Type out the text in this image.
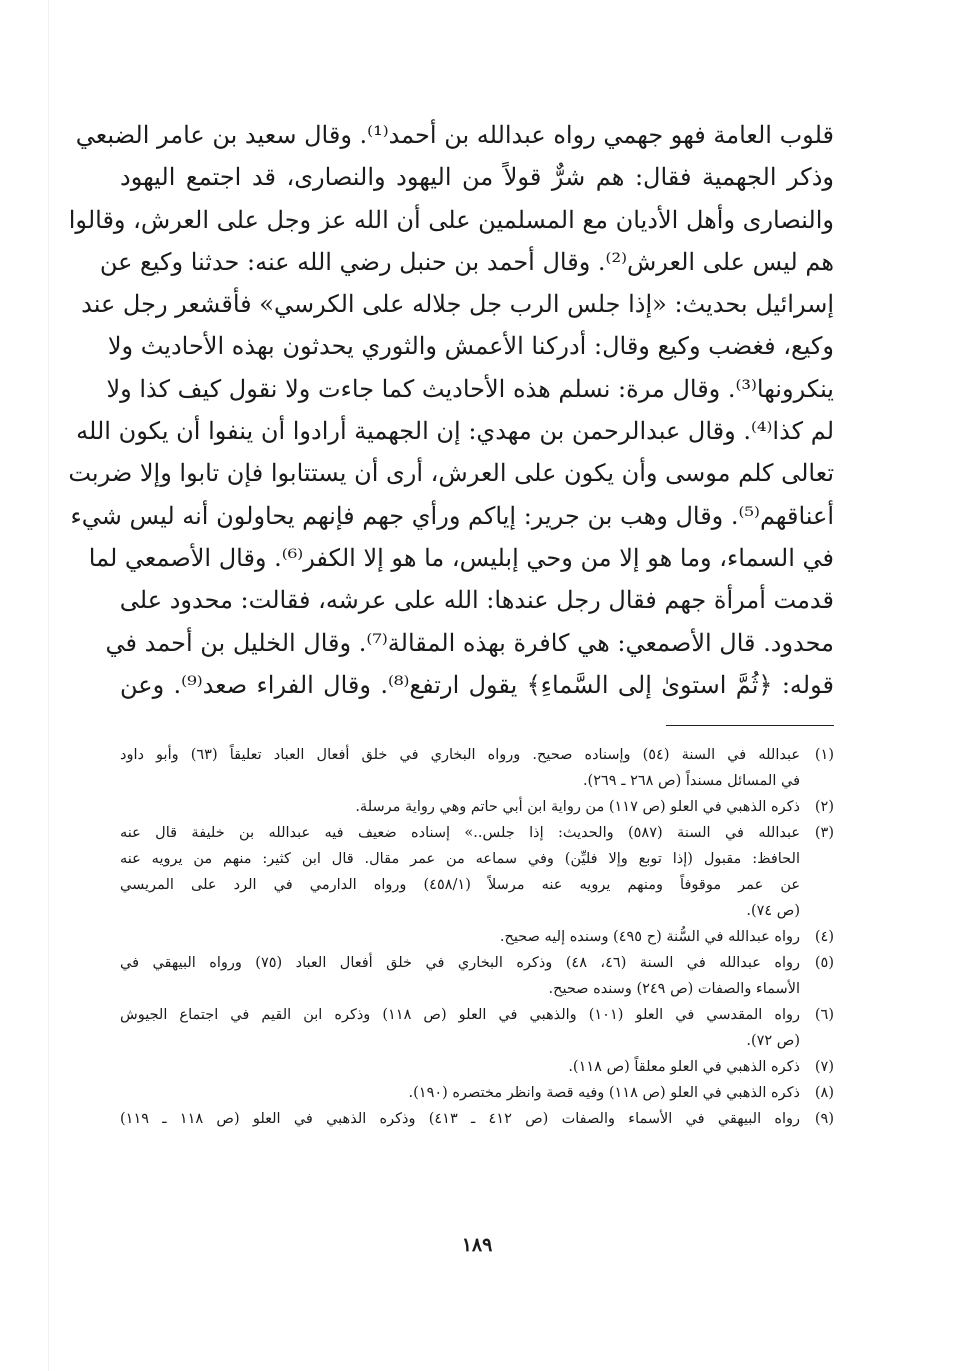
قلوب العامة فهو جهمي رواه عبدالله بن أحمد⁽¹⁾. وقال سعيد بن عامر الضبعي
وذكر الجهمية فقال: هم شرٌّ قولاً من اليهود والنصارى، قد اجتمع اليهود
والنصارى وأهل الأديان مع المسلمين على أن الله عز وجل على العرش، وقالوا
هم ليس على العرش⁽²⁾. وقال أحمد بن حنبل رضي الله عنه: حدثنا وكيع عن
إسرائيل بحديث: «إذا جلس الرب جل جلاله على الكرسي» فأقشعر رجل عند
وكيع، فغضب وكيع وقال: أدركنا الأعمش والثوري يحدثون بهذه الأحاديث ولا
ينكرونها⁽³⁾. وقال مرة: نسلم هذه الأحاديث كما جاءت ولا نقول كيف كذا ولا
لم كذا⁽⁴⁾. وقال عبدالرحمن بن مهدي: إن الجهمية أرادوا أن ينفوا أن يكون الله
تعالى كلم موسى وأن يكون على العرش، أرى أن يستتابوا فإن تابوا وإلا ضربت
أعناقهم⁽⁵⁾. وقال وهب بن جرير: إياكم ورأي جهم فإنهم يحاولون أنه ليس شيء
في السماء، وما هو إلا من وحي إبليس، ما هو إلا الكفر⁽⁶⁾. وقال الأصمعي لما
قدمت أمرأة جهم فقال رجل عندها: الله على عرشه، فقالت: محدود على
محدود. قال الأصمعي: هي كافرة بهذه المقالة⁽⁷⁾. وقال الخليل بن أحمد في
قوله: ﴿ثُمَّ استوىٰ إلى السَّماءِ﴾ يقول ارتفع⁽⁸⁾. وقال الفراء صعد⁽⁹⁾. وعن
(١)
عبدالله في السنة (٥٤) وإسناده صحيح. ورواه البخاري في خلق أفعال العباد تعليقاً (٦٣) وأبو داود
في المسائل مسنداً (ص ٢٦٨ ـ ٢٦٩).
(٢)
ذكره الذهبي في العلو (ص ١١٧) من رواية ابن أبي حاتم وهي رواية مرسلة.
(٣)
عبدالله في السنة (٥٨٧) والحديث: إذا جلس..» إسناده ضعيف فيه عبدالله بن خليفة قال عنه
الحافظ: مقبول (إذا توبع وإلا فليِّن) وفي سماعه من عمر مقال. قال ابن كثير: منهم من يرويه عنه
عن عمر موقوفاً ومنهم يرويه عنه مرسلاً (٤٥٨/١) ورواه الدارمي في الرد على المريسي
(ص ٧٤).
(٤)
رواه عبدالله في السُّنة (ح ٤٩٥) وسنده إليه صحيح.
(٥)
رواه عبدالله في السنة (٤٦، ٤٨) وذكره البخاري في خلق أفعال العباد (٧٥) ورواه البيهقي في
الأسماء والصفات (ص ٢٤٩) وسنده صحيح.
(٦)
رواه المقدسي في العلو (١٠١) والذهبي في العلو (ص ١١٨) وذكره ابن القيم في اجتماع الجيوش
(ص ٧٢).
(٧)
ذكره الذهبي في العلو معلقاً (ص ١١٨).
(٨)
ذكره الذهبي في العلو (ص ١١٨) وفيه قصة وانظر مختصره (١٩٠).
(٩)
رواه البيهقي في الأسماء والصفات (ص ٤١٢ ـ ٤١٣) وذكره الذهبي في العلو (ص ١١٨ ـ ١١٩)
١٨٩
